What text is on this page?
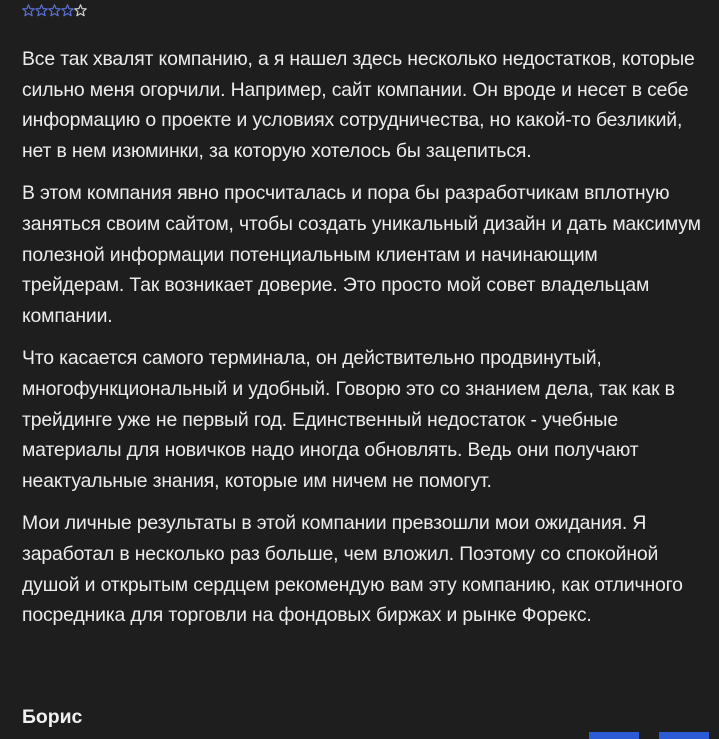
Все так хвалят компанию, а я нашел здесь несколько недостатков, которые сильно меня огорчили. Например, сайт компании. Он вроде и несет в себе информацию о проекте и условиях сотрудничества, но какой-то безликий, нет в нем изюминки, за которую хотелось бы зацепиться.

В этом компания явно просчиталась и пора бы разработчикам вплотную заняться своим сайтом, чтобы создать уникальный дизайн и дать максимум полезной информации потенциальным клиентам и начинающим трейдерам. Так возникает доверие. Это просто мой совет владельцам компании.

Что касается самого терминала, он действительно продвинутый, многофункциональный и удобный. Говорю это со знанием дела, так как в трейдинге уже не первый год. Единственный недостаток - учебные материалы для новичков надо иногда обновлять. Ведь они получают неактуальные знания, которые им ничем не помогут.

Мои личные результаты в этой компании превзошли мои ожидания. Я заработал в несколько раз больше, чем вложил. Поэтому со спокойной душой и открытым сердцем рекомендую вам эту компанию, как отличного посредника для торговли на фондовых биржах и рынке Форекс.

Борис
